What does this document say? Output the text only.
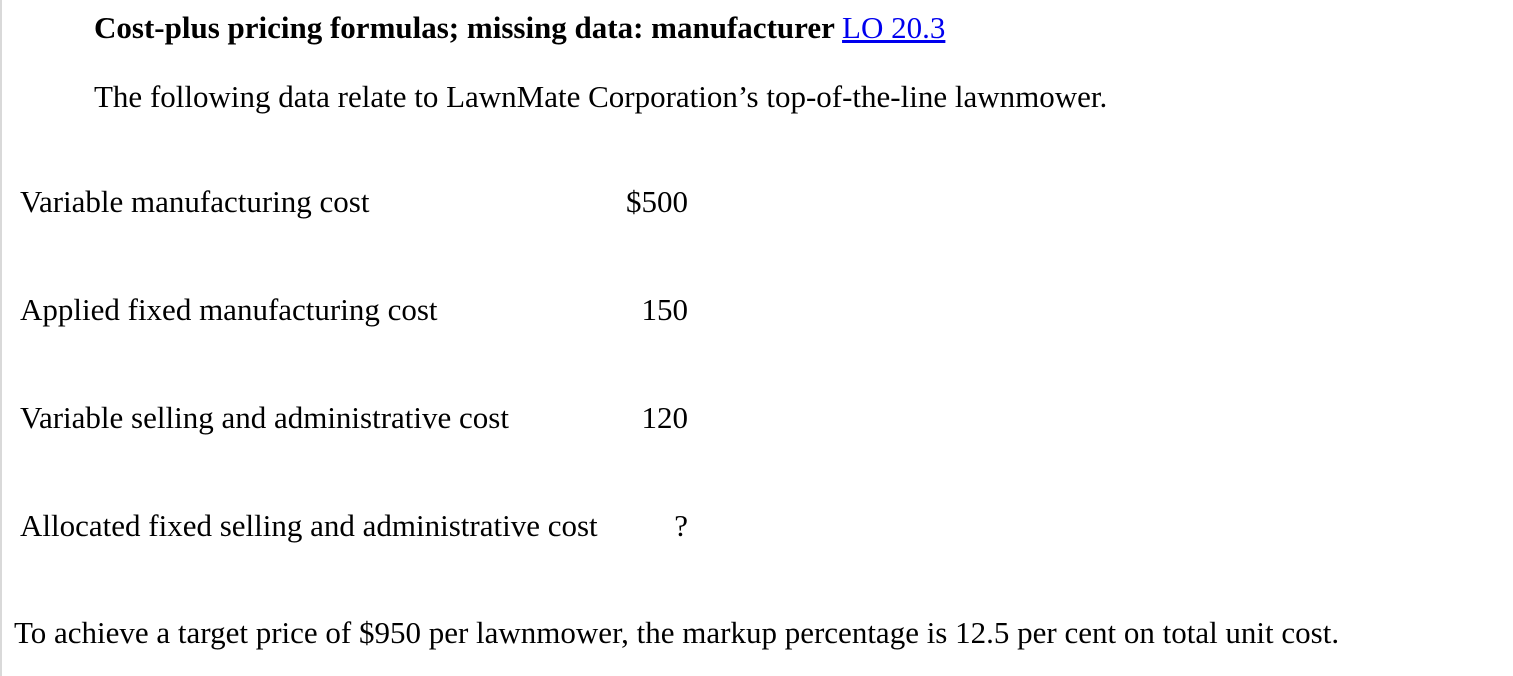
Cost-plus pricing formulas; missing data: manufacturer LO 20.3
The following data relate to LawnMate Corporation’s top-of-the-line lawnmower.
Variable manufacturing cost	$500
Applied fixed manufacturing cost	150
Variable selling and administrative cost	120
Allocated fixed selling and administrative cost ?
To achieve a target price of $950 per lawnmower, the markup percentage is 12.5 per cent on total unit cost.
